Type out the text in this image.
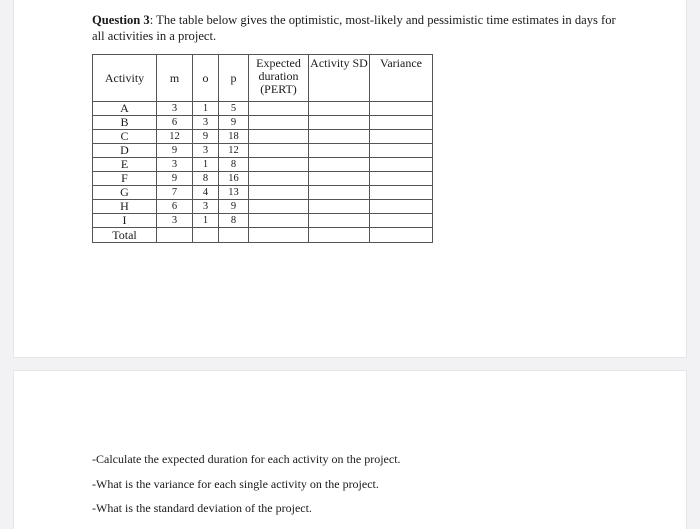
Question 3: The table below gives the optimistic, most-likely and pessimistic time estimates in days for all activities in a project.
Activity	m	o	p	Expected duration (PERT)	Activity SD	Variance
A	3	1	5			
B	6	3	9			
C	12	9	18			
D	9	3	12			
E	3	1	8			
F	9	8	16			
G	7	4	13			
H	6	3	9			
I	3	1	8			
Total						
-Calculate the expected duration for each activity on the project.
-What is the variance for each single activity on the project.
-What is the standard deviation of the project.
